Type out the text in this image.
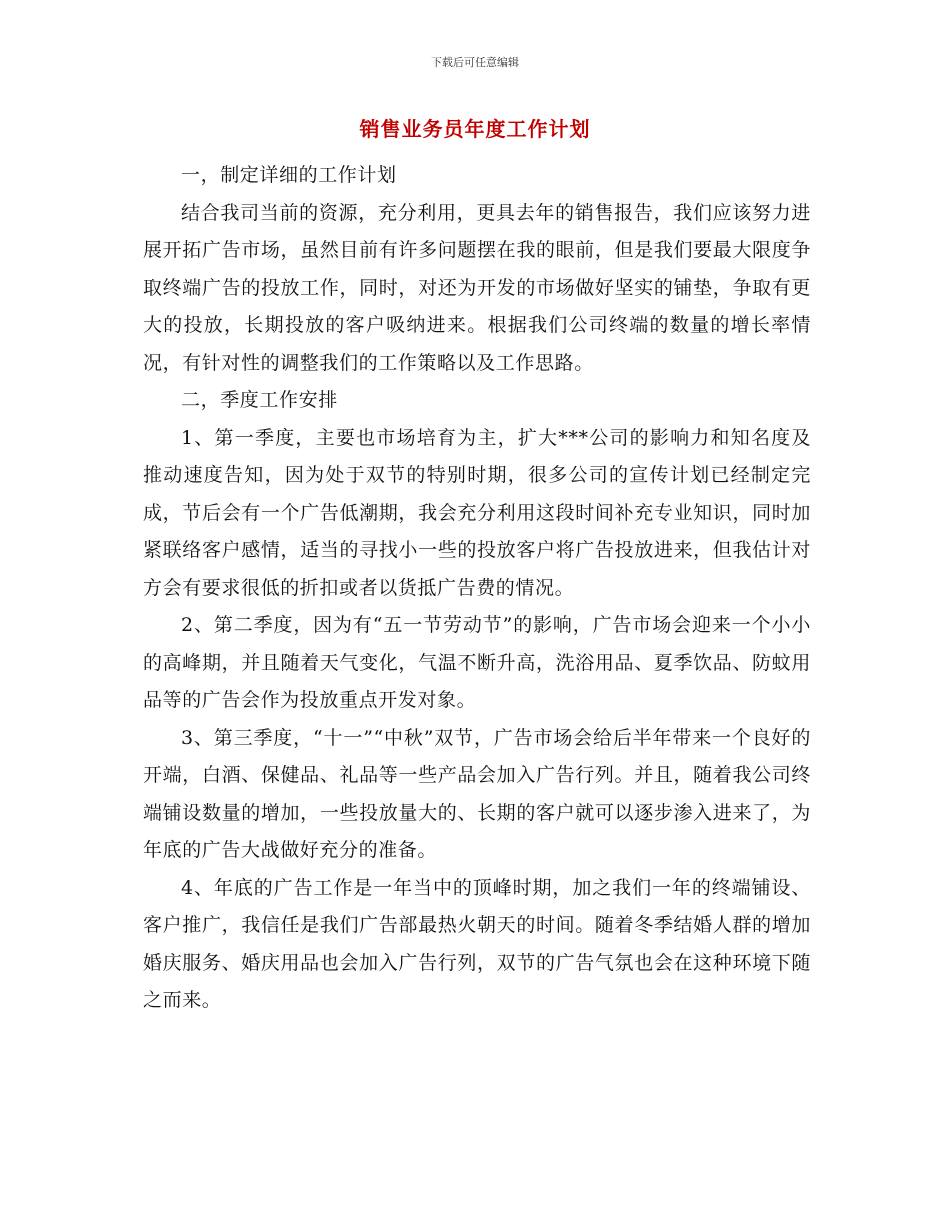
下载后可任意编辑
销售业务员年度工作计划

一，制定详细的工作计划

结合我司当前的资源，充分利用，更具去年的销售报告，我们应该努力进展开拓广告市场，虽然目前有许多问题摆在我的眼前，但是我们要最大限度争取终端广告的投放工作，同时，对还为开发的市场做好坚实的铺垫，争取有更大的投放，长期投放的客户吸纳进来。根据我们公司终端的数量的增长率情况，有针对性的调整我们的工作策略以及工作思路。

二，季度工作安排

1、第一季度，主要也市场培育为主，扩大***公司的影响力和知名度及推动速度告知，因为处于双节的特别时期，很多公司的宣传计划已经制定完成，节后会有一个广告低潮期，我会充分利用这段时间补充专业知识，同时加紧联络客户感情，适当的寻找小一些的投放客户将广告投放进来，但我估计对方会有要求很低的折扣或者以货抵广告费的情况。

2、第二季度，因为有“五一节劳动节”的影响，广告市场会迎来一个小小的高峰期，并且随着天气变化，气温不断升高，洗浴用品、夏季饮品、防蚊用品等的广告会作为投放重点开发对象。

3、第三季度，“十一”“中秋”双节，广告市场会给后半年带来一个良好的开端，白酒、保健品、礼品等一些产品会加入广告行列。并且，随着我公司终端铺设数量的增加，一些投放量大的、长期的客户就可以逐步渗入进来了，为年底的广告大战做好充分的准备。

4、年底的广告工作是一年当中的顶峰时期，加之我们一年的终端铺设、客户推广，我信任是我们广告部最热火朝天的时间。随着冬季结婚人群的增加婚庆服务、婚庆用品也会加入广告行列，双节的广告气氛也会在这种环境下随之而来。
